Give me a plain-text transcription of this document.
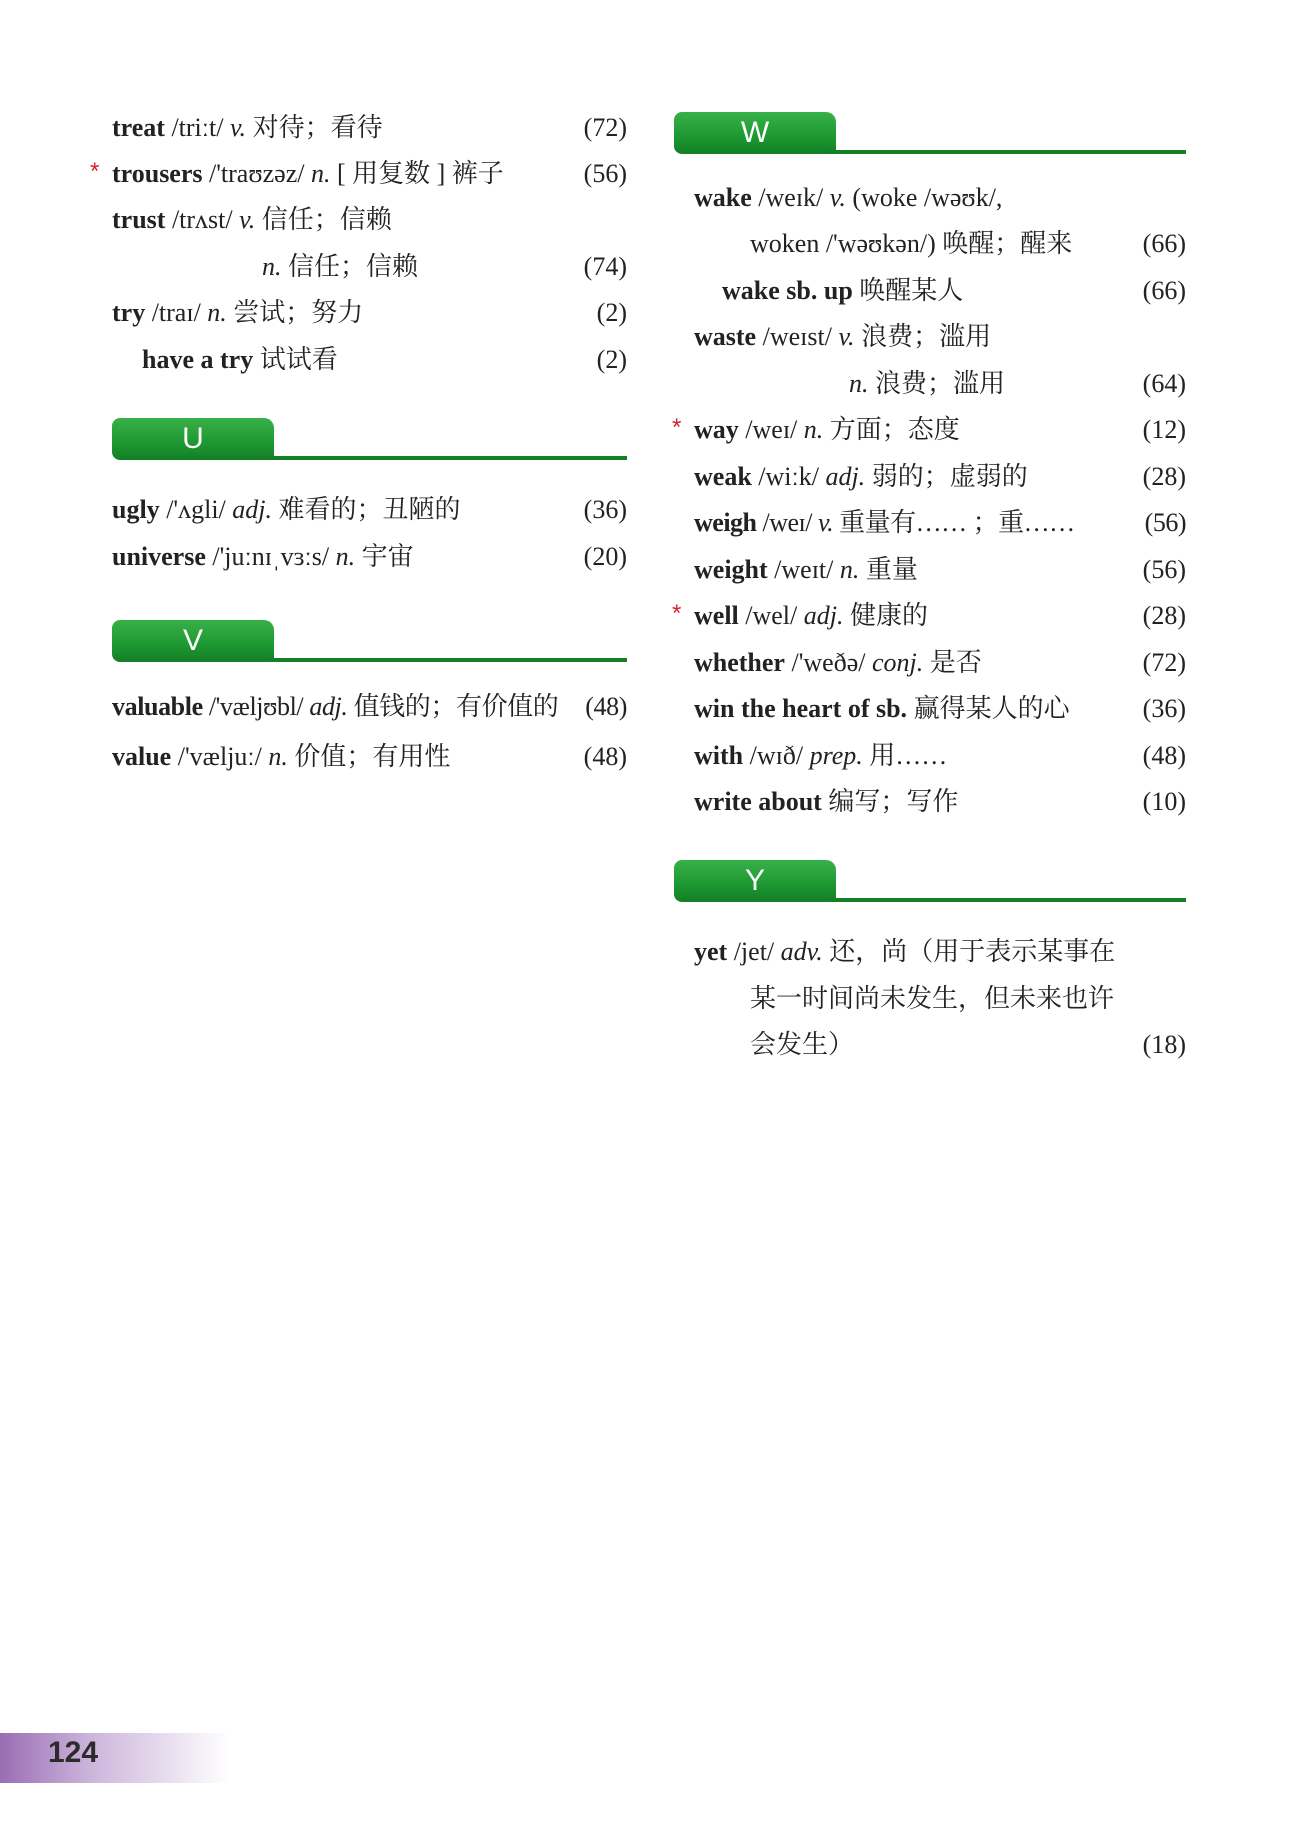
treat /triːt/ v. 对待；看待	(72)
* trousers /'traʊzəz/ n. [ 用复数 ] 裤子	(56)
trust /trʌst/ v. 信任；信赖
n. 信任；信赖	(74)
try /traɪ/ n. 尝试；努力	(2)
have a try 试试看	(2)
U
ugly /'ʌgli/ adj. 难看的；丑陋的	(36)
universe /'juːnɪˌvɜːs/ n. 宇宙	(20)
V
valuable /'væljʊbl/ adj. 值钱的；有价值的 (48)
value /'væljuː/ n. 价值；有用性	(48)
W
wake /weɪk/ v. (woke /wəʊk/,
woken /'wəʊkən/) 唤醒；醒来	(66)
wake sb. up 唤醒某人	(66)
waste /weɪst/ v. 浪费；滥用
n. 浪费；滥用	(64)
* way /weɪ/ n. 方面；态度	(12)
weak /wiːk/ adj. 弱的；虚弱的	(28)
weigh /weɪ/ v. 重量有…… ；重……	(56)
weight /weɪt/ n. 重量	(56)
* well /wel/ adj. 健康的	(28)
whether /'weðə/ conj. 是否	(72)
win the heart of sb. 赢得某人的心	(36)
with /wɪð/ prep. 用……	(48)
write about 编写；写作	(10)
Y
yet /jet/ adv. 还，尚（用于表示某事在
某一时间尚未发生，但未来也许
会发生）	(18)
124
